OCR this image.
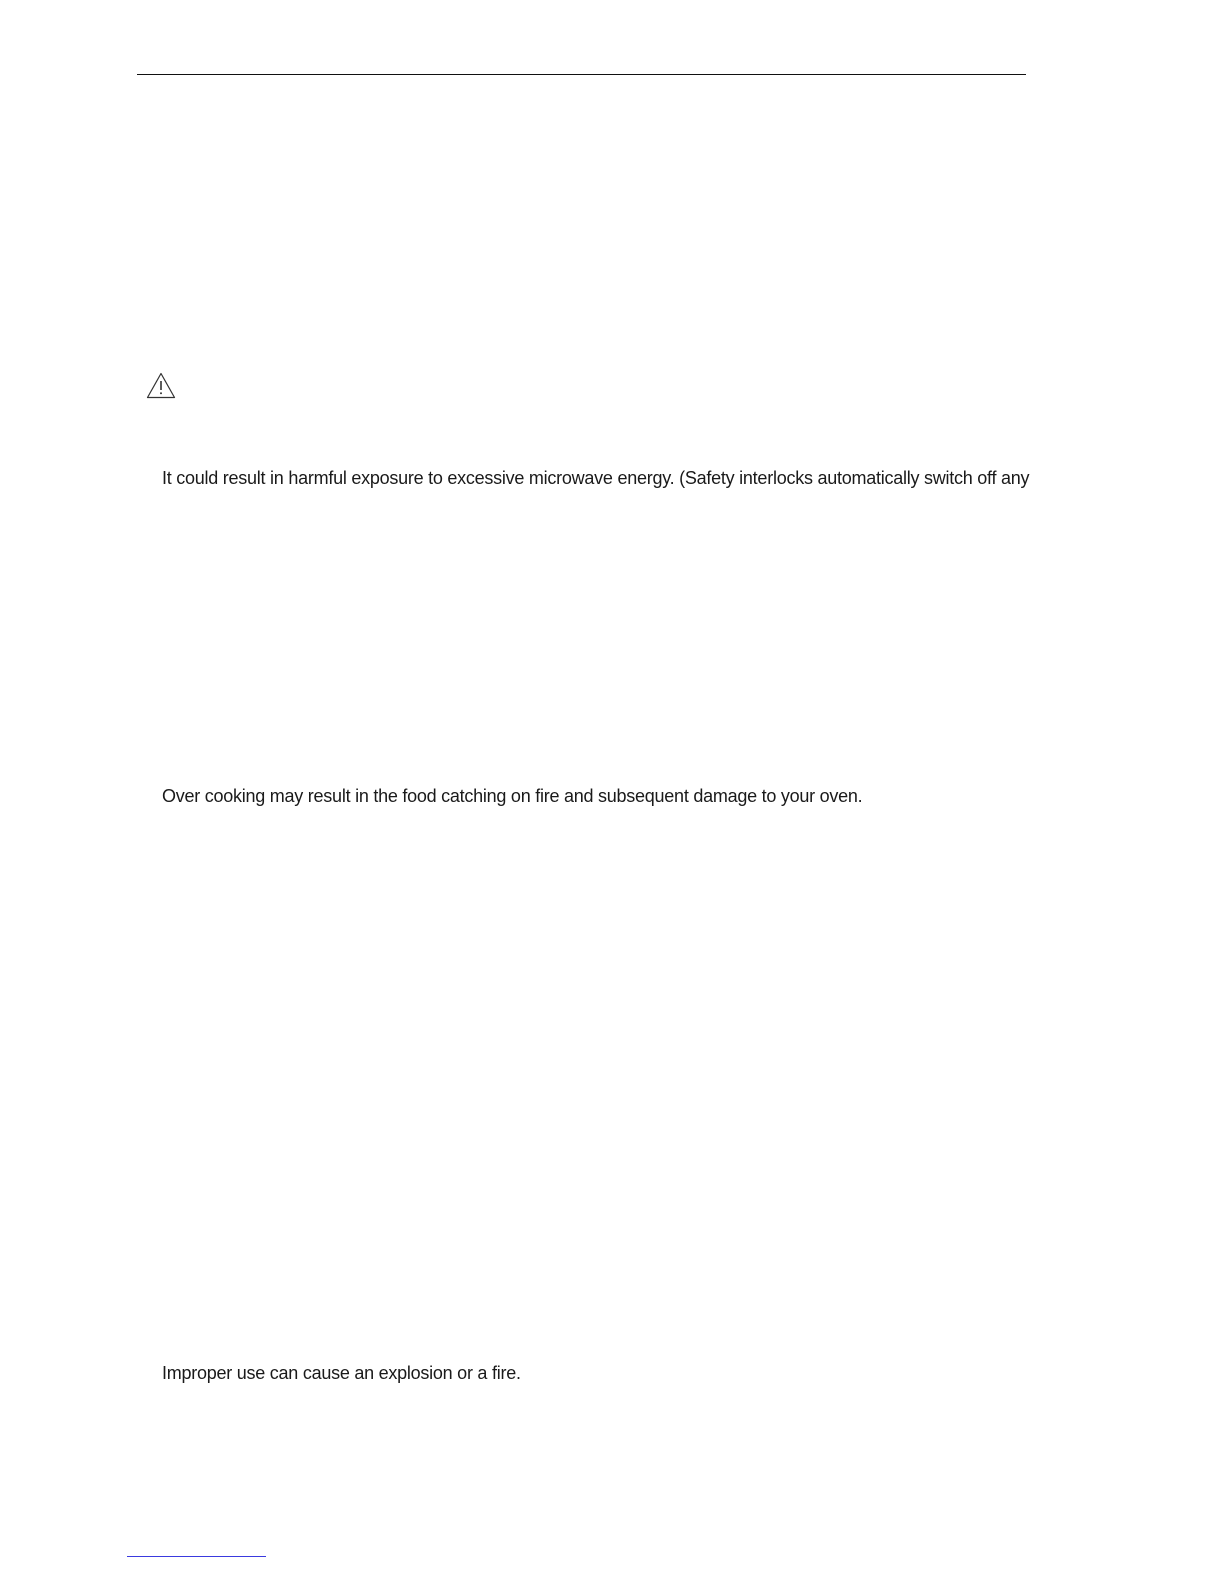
It could result in harmful exposure to excessive microwave energy. (Safety interlocks automatically switch off any

Over cooking may result in the food catching on fire and subsequent damage to your oven.

Improper use can cause an explosion or a fire.
